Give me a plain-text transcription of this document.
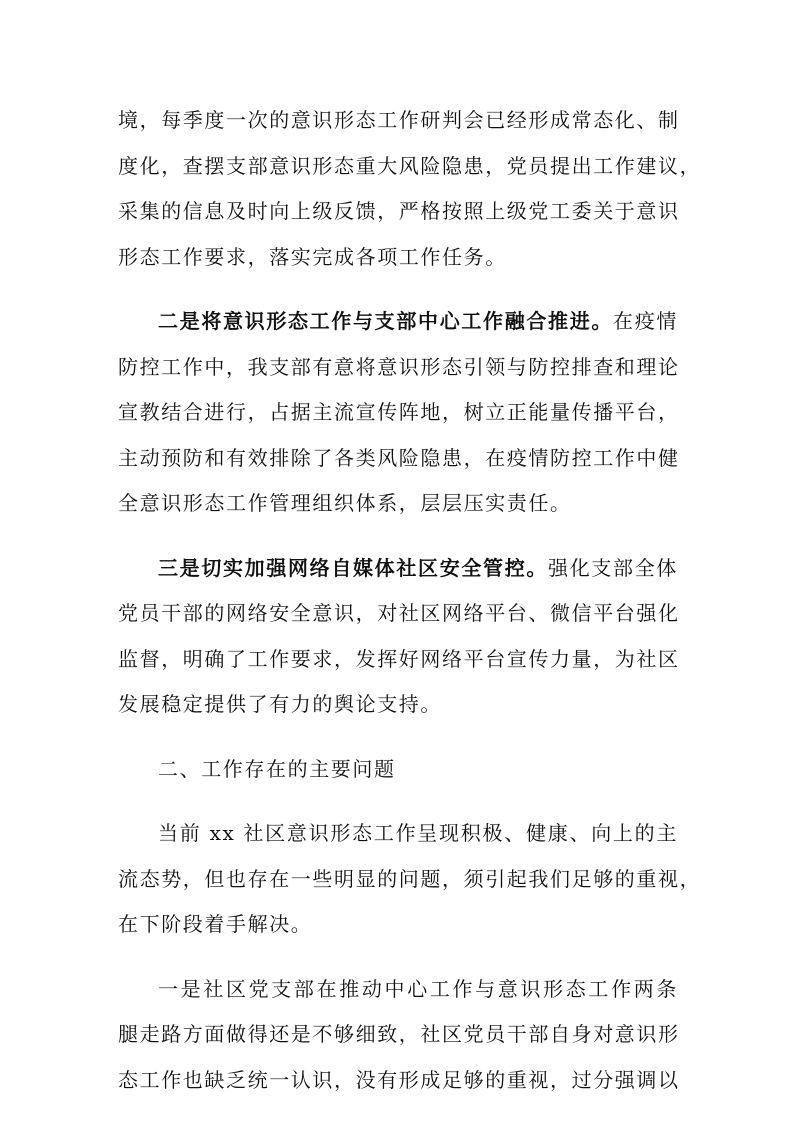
境，每季度一次的意识形态工作研判会已经形成常态化、制
度化，查摆支部意识形态重大风险隐患，党员提出工作建议，
采集的信息及时向上级反馈，严格按照上级党工委关于意识
形态工作要求，落实完成各项工作任务。
二是将意识形态工作与支部中心工作融合推进。在疫情
防控工作中，我支部有意将意识形态引领与防控排查和理论
宣教结合进行，占据主流宣传阵地，树立正能量传播平台，
主动预防和有效排除了各类风险隐患，在疫情防控工作中健
全意识形态工作管理组织体系，层层压实责任。
三是切实加强网络自媒体社区安全管控。强化支部全体
党员干部的网络安全意识，对社区网络平台、微信平台强化
监督，明确了工作要求，发挥好网络平台宣传力量，为社区
发展稳定提供了有力的舆论支持。
二、工作存在的主要问题
当前 xx 社区意识形态工作呈现积极、健康、向上的主
流态势，但也存在一些明显的问题，须引起我们足够的重视，
在下阶段着手解决。
一是社区党支部在推动中心工作与意识形态工作两条
腿走路方面做得还是不够细致，社区党员干部自身对意识形
态工作也缺乏统一认识，没有形成足够的重视，过分强调以
